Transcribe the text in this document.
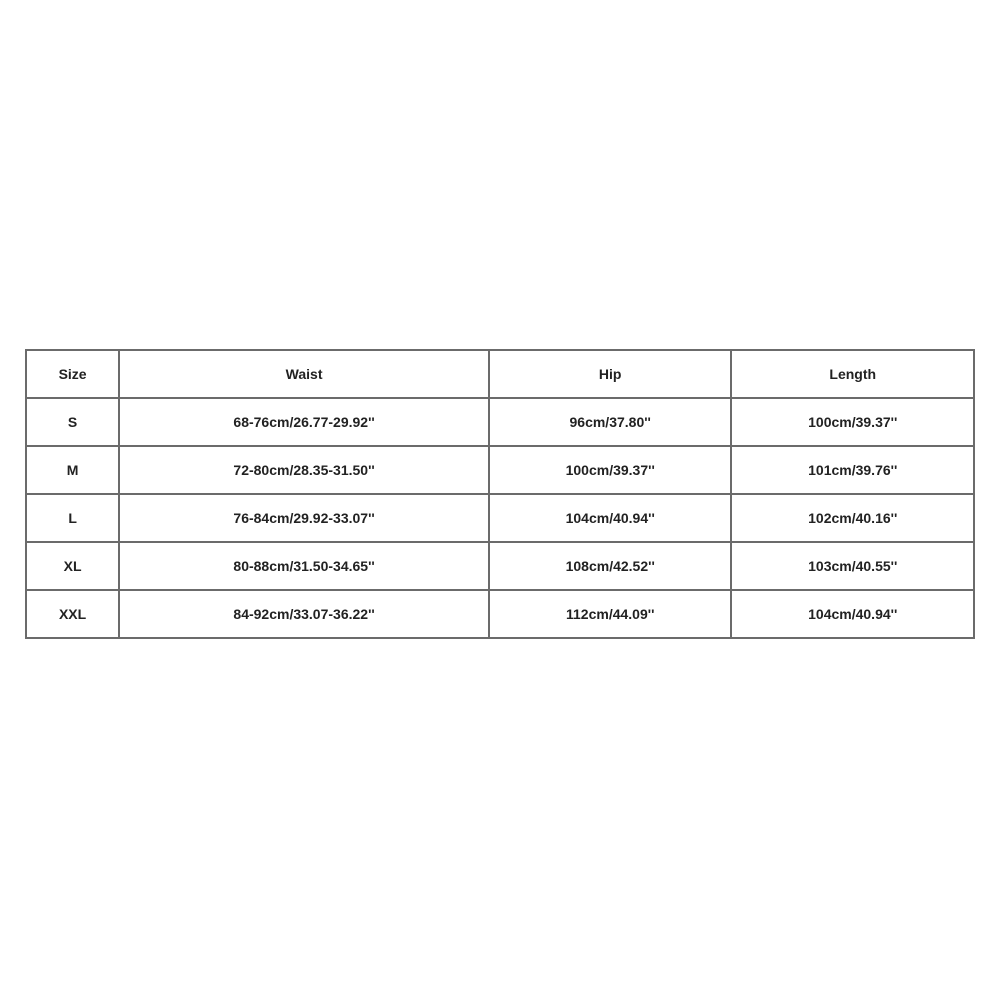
Size	Waist	Hip	Length
S	68-76cm/26.77-29.92''	96cm/37.80''	100cm/39.37''
M	72-80cm/28.35-31.50''	100cm/39.37''	101cm/39.76''
L	76-84cm/29.92-33.07''	104cm/40.94''	102cm/40.16''
XL	80-88cm/31.50-34.65''	108cm/42.52''	103cm/40.55''
XXL	84-92cm/33.07-36.22''	112cm/44.09''	104cm/40.94''
